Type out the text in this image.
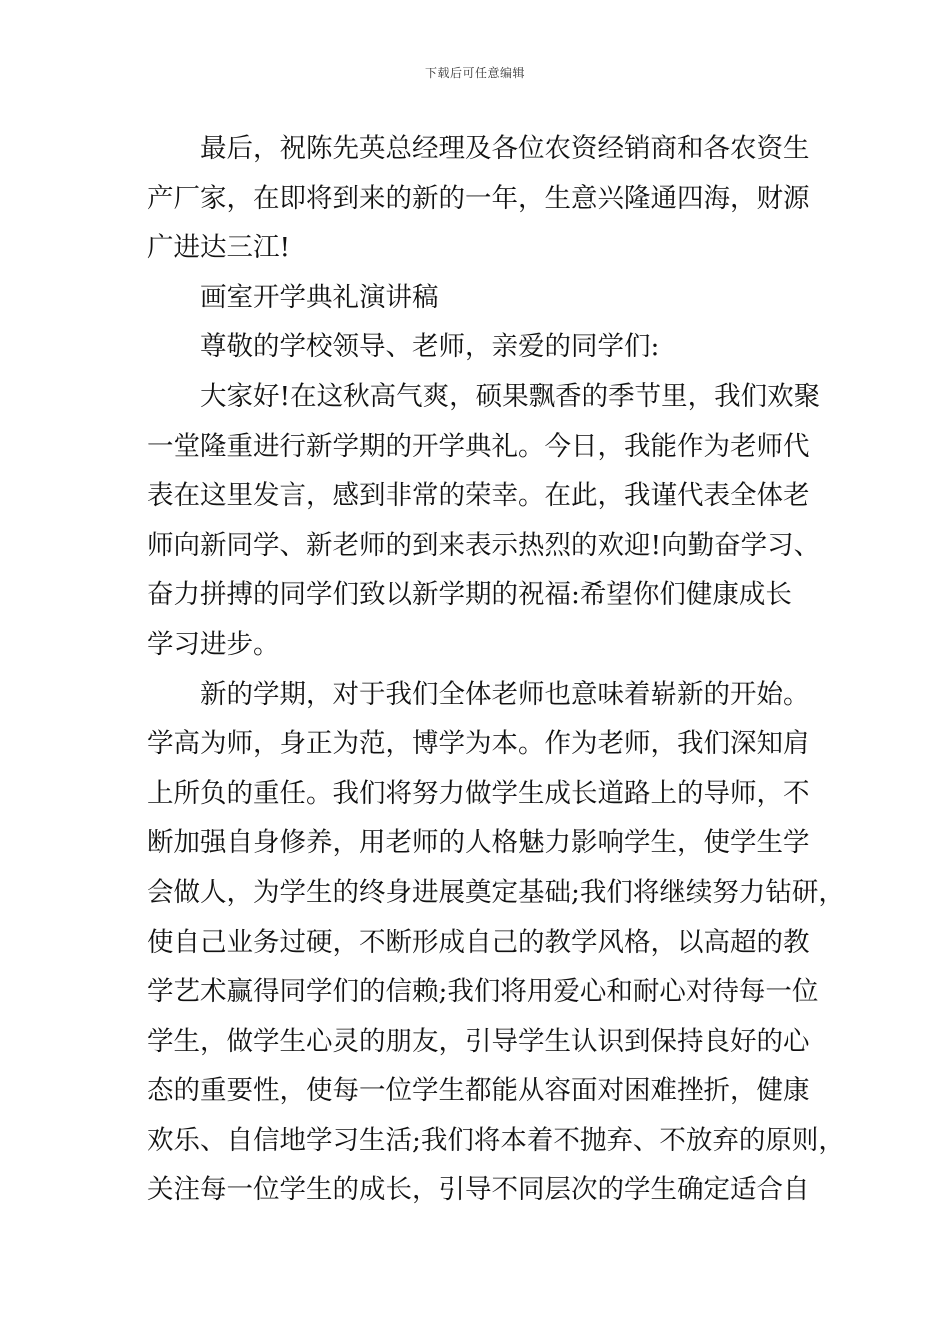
下载后可任意编辑
最后，祝陈先英总经理及各位农资经销商和各农资生
产厂家，在即将到来的新的一年，生意兴隆通四海，财源
广进达三江!
画室开学典礼演讲稿
尊敬的学校领导、老师，亲爱的同学们:
大家好!在这秋高气爽，硕果飘香的季节里，我们欢聚
一堂隆重进行新学期的开学典礼。今日，我能作为老师代
表在这里发言，感到非常的荣幸。在此，我谨代表全体老
师向新同学、新老师的到来表示热烈的欢迎!向勤奋学习、
奋力拼搏的同学们致以新学期的祝福:希望你们健康成长
学习进步。
新的学期，对于我们全体老师也意味着崭新的开始。
学高为师，身正为范，博学为本。作为老师，我们深知肩
上所负的重任。我们将努力做学生成长道路上的导师，不
断加强自身修养，用老师的人格魅力影响学生，使学生学
会做人，为学生的终身进展奠定基础;我们将继续努力钻研，
使自己业务过硬，不断形成自己的教学风格，以高超的教
学艺术赢得同学们的信赖;我们将用爱心和耐心对待每一位
学生，做学生心灵的朋友，引导学生认识到保持良好的心
态的重要性，使每一位学生都能从容面对困难挫折，健康
欢乐、自信地学习生活;我们将本着不抛弃、不放弃的原则，
关注每一位学生的成长，引导不同层次的学生确定适合自
